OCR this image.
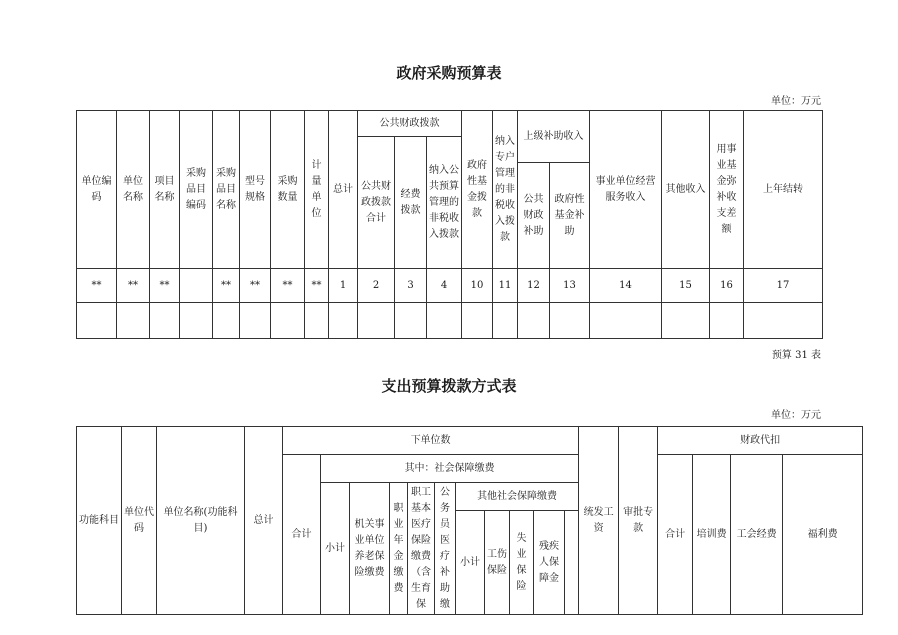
政府采购预算表
单位：万元
单位编码	单位名称	项目名称	采购品目编码	采购品目名称	型号规格	采购数量	计量单位	总计	公共财政拨款			政府性基金拨款	纳入专户管理的非税收入拨款	上级补助收入		事业单位经营服务收入	其他收入	用事业基金弥补收支差额	上年结转
									公共财政拨款合计	经费拨款	纳入公共预算管理的非税收入拨款								
														公共财政补助	政府性基金补助				
**	**	**		**	**	**	**	1	2	3	4	10	11	12	13	14	15	16	17

预算 31 表
支出预算拨款方式表
单位：万元
功能科目	单位代码	单位名称(功能科目)	总计	下单位数											统发工资	审批专款	财政代扣			
				合计	其中：社会保障缴费												合计	培训费	工会经费	福利费
					小计	机关事业单位养老保险缴费	职业年金缴费	职工基本医疗保险缴费（含生育保	公务员医疗补助缴	其他社会保障缴费										
										小计	工伤保险	失业保险	残疾人保障金							
